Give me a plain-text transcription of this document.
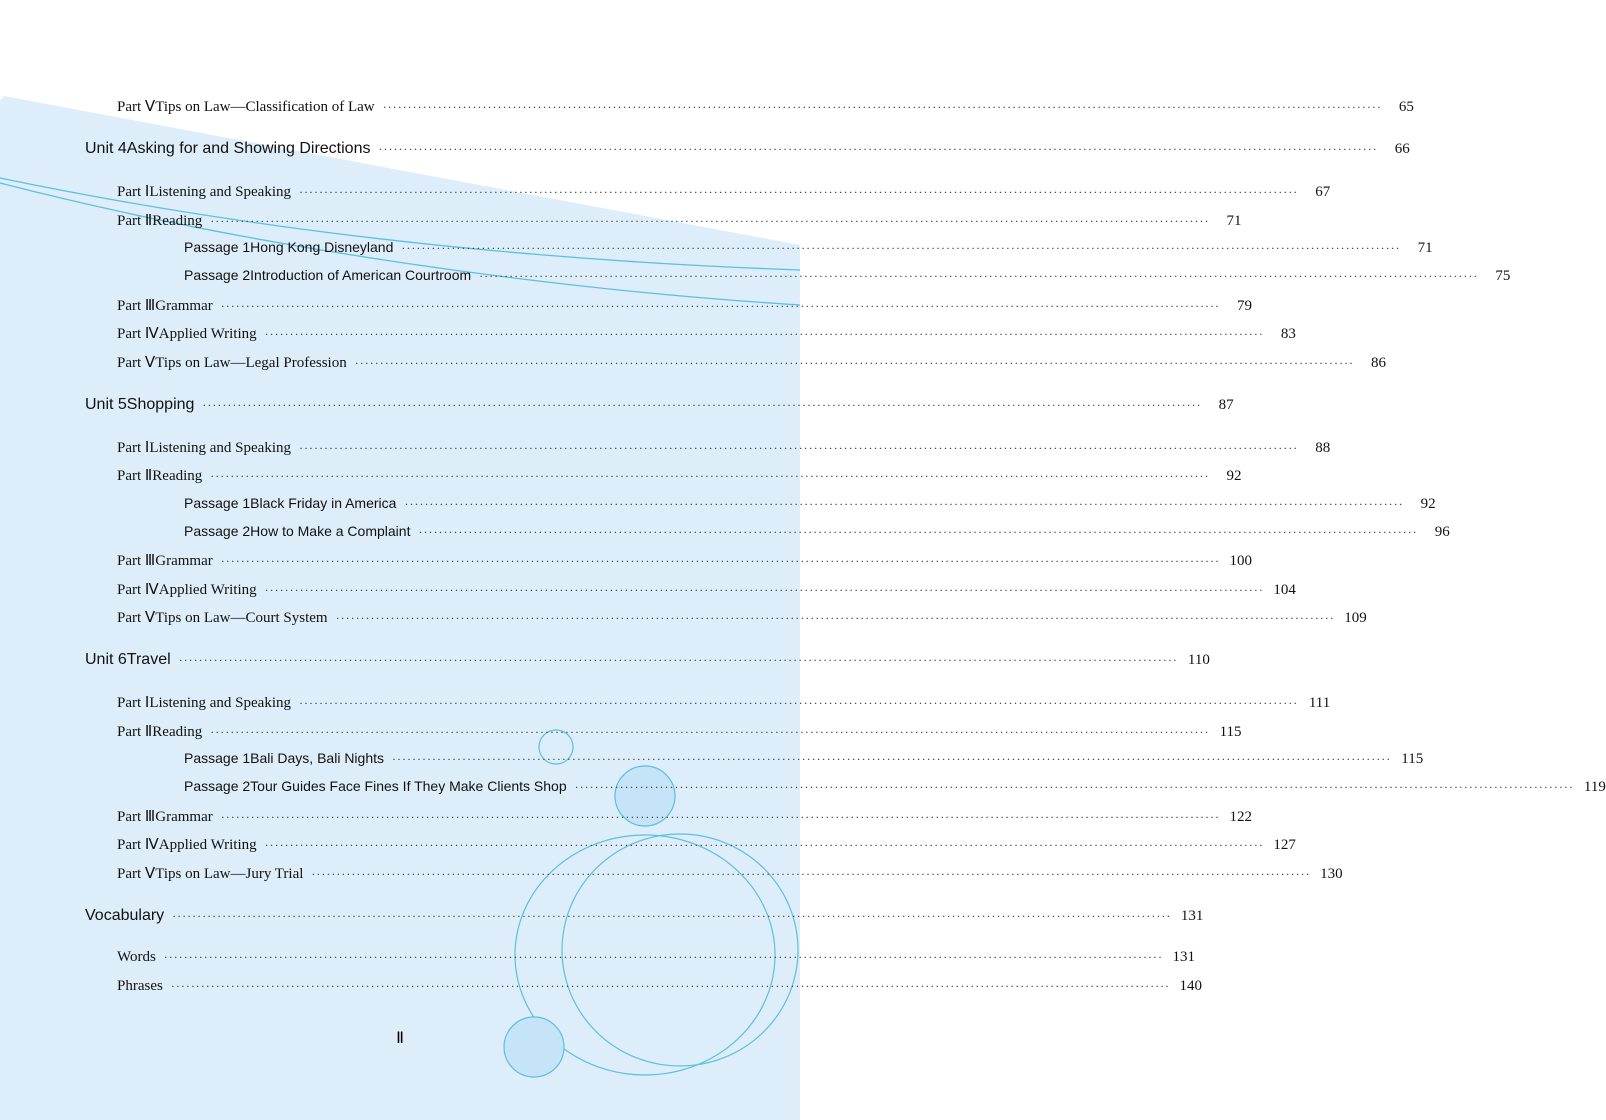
Part Ⅴ Tips on Law—Classification of Law ········································································································································································································	65
Unit 4 Asking for and Showing Directions ········································································································································································································	66
Part Ⅰ Listening and Speaking ········································································································································································································	67
Part Ⅱ Reading ········································································································································································································	71
Passage 1 Hong Kong Disneyland ········································································································································································································	71
Passage 2 Introduction of American Courtroom ········································································································································································································	75
Part Ⅲ Grammar ········································································································································································································	79
Part Ⅳ Applied Writing ········································································································································································································	83
Part Ⅴ Tips on Law—Legal Profession ········································································································································································································	86
Unit 5 Shopping ········································································································································································································	87
Part Ⅰ Listening and Speaking ········································································································································································································	88
Part Ⅱ Reading ········································································································································································································	92
Passage 1 Black Friday in America ········································································································································································································	92
Passage 2 How to Make a Complaint ········································································································································································································	96
Part Ⅲ Grammar ········································································································································································································ 100
Part Ⅳ Applied Writing ········································································································································································································ 104
Part Ⅴ Tips on Law—Court System ········································································································································································································ 109
Unit 6 Travel ········································································································································································································ 110
Part Ⅰ Listening and Speaking ········································································································································································································ 111
Part Ⅱ Reading ········································································································································································································ 115
Passage 1 Bali Days, Bali Nights ········································································································································································································ 115
Passage 2 Tour Guides Face Fines If They Make Clients Shop ········································································································································································································ 119
Part Ⅲ Grammar ········································································································································································································ 122
Part Ⅳ Applied Writing ········································································································································································································ 127
Part Ⅴ Tips on Law—Jury Trial ········································································································································································································ 130
Vocabulary ········································································································································································································ 131
Words ········································································································································································································ 131
Phrases ········································································································································································································ 140
Ⅱ
